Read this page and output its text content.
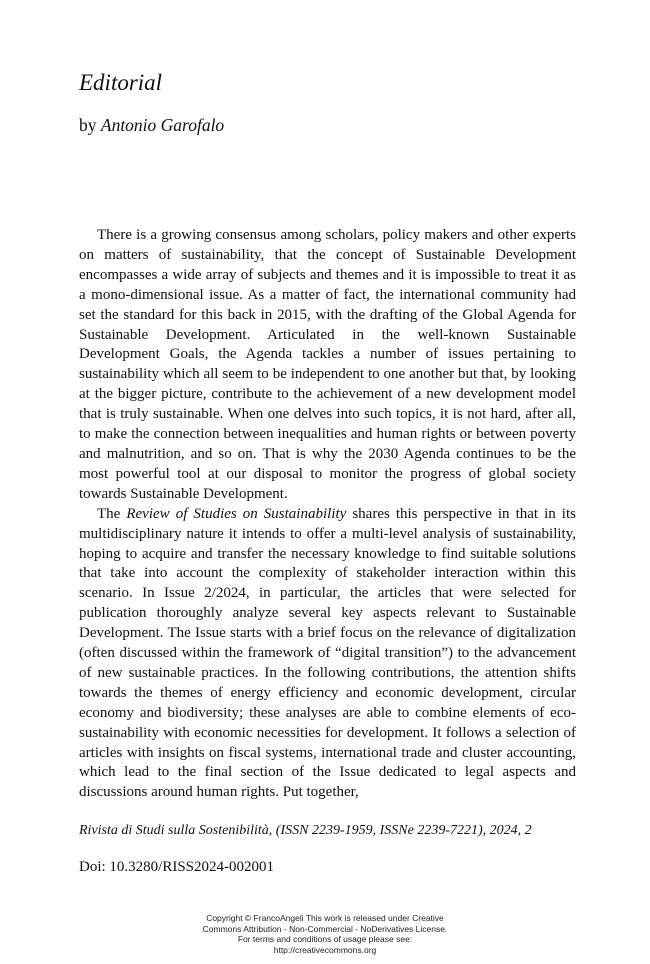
Editorial

by Antonio Garofalo

There is a growing consensus among scholars, policy makers and other experts on matters of sustainability, that the concept of Sustainable Development encompasses a wide array of subjects and themes and it is impossible to treat it as a mono-dimensional issue. As a matter of fact, the international community had set the standard for this back in 2015, with the drafting of the Global Agenda for Sustainable Development. Articulated in the well-known Sustainable Development Goals, the Agenda tackles a number of issues pertaining to sustainability which all seem to be independent to one another but that, by looking at the bigger picture, contribute to the achievement of a new development model that is truly sustainable. When one delves into such topics, it is not hard, after all, to make the connection between inequalities and human rights or between poverty and malnutrition, and so on. That is why the 2030 Agenda continues to be the most powerful tool at our disposal to monitor the progress of global society towards Sustainable Development.

The Review of Studies on Sustainability shares this perspective in that in its multidisciplinary nature it intends to offer a multi-level analysis of sustainability, hoping to acquire and transfer the necessary knowledge to find suitable solutions that take into account the complexity of stakeholder interaction within this scenario. In Issue 2/2024, in particular, the articles that were selected for publication thoroughly analyze several key aspects relevant to Sustainable Development. The Issue starts with a brief focus on the relevance of digitalization (often discussed within the framework of “digital transition”) to the advancement of new sustainable practices. In the following contributions, the attention shifts towards the themes of energy efficiency and economic development, circular economy and biodiversity; these analyses are able to combine elements of eco-sustainability with economic necessities for development. It follows a selection of articles with insights on fiscal systems, international trade and cluster accounting, which lead to the final section of the Issue dedicated to legal aspects and discussions around human rights. Put together,

Rivista di Studi sulla Sostenibilità, (ISSN 2239-1959, ISSNe 2239-7221), 2024, 2

Doi: 10.3280/RISS2024-002001

Copyright © FrancoAngeli This work is released under Creative
Commons Attribution - Non-Commercial - NoDerivatives License.
For terms and conditions of usage please see:
http://creativecommons.org
